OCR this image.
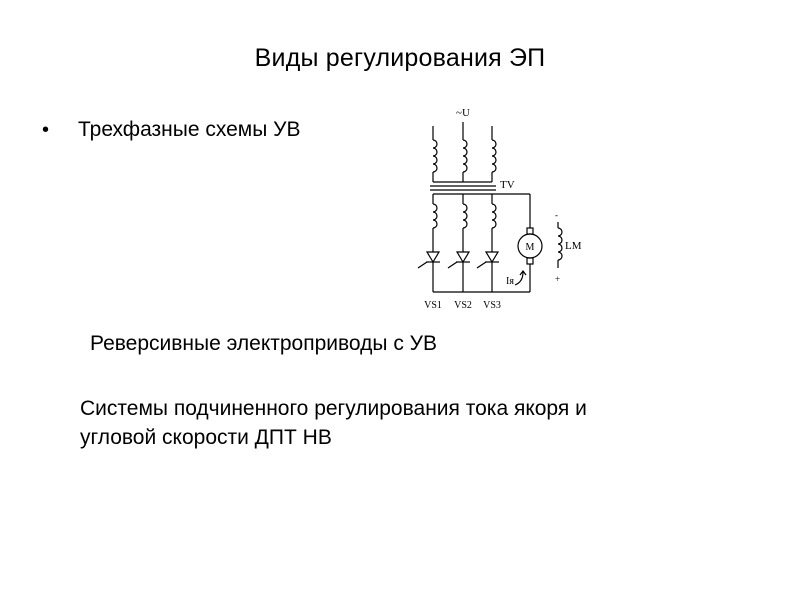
Виды регулирования ЭП
•	Трехфазные схемы УВ
~U
TV
M	LM
Iя
-
+
VS1 VS2 VS3
Реверсивные электроприводы с УВ
Системы подчиненного регулирования тока якоря и
угловой скорости ДПТ НВ
